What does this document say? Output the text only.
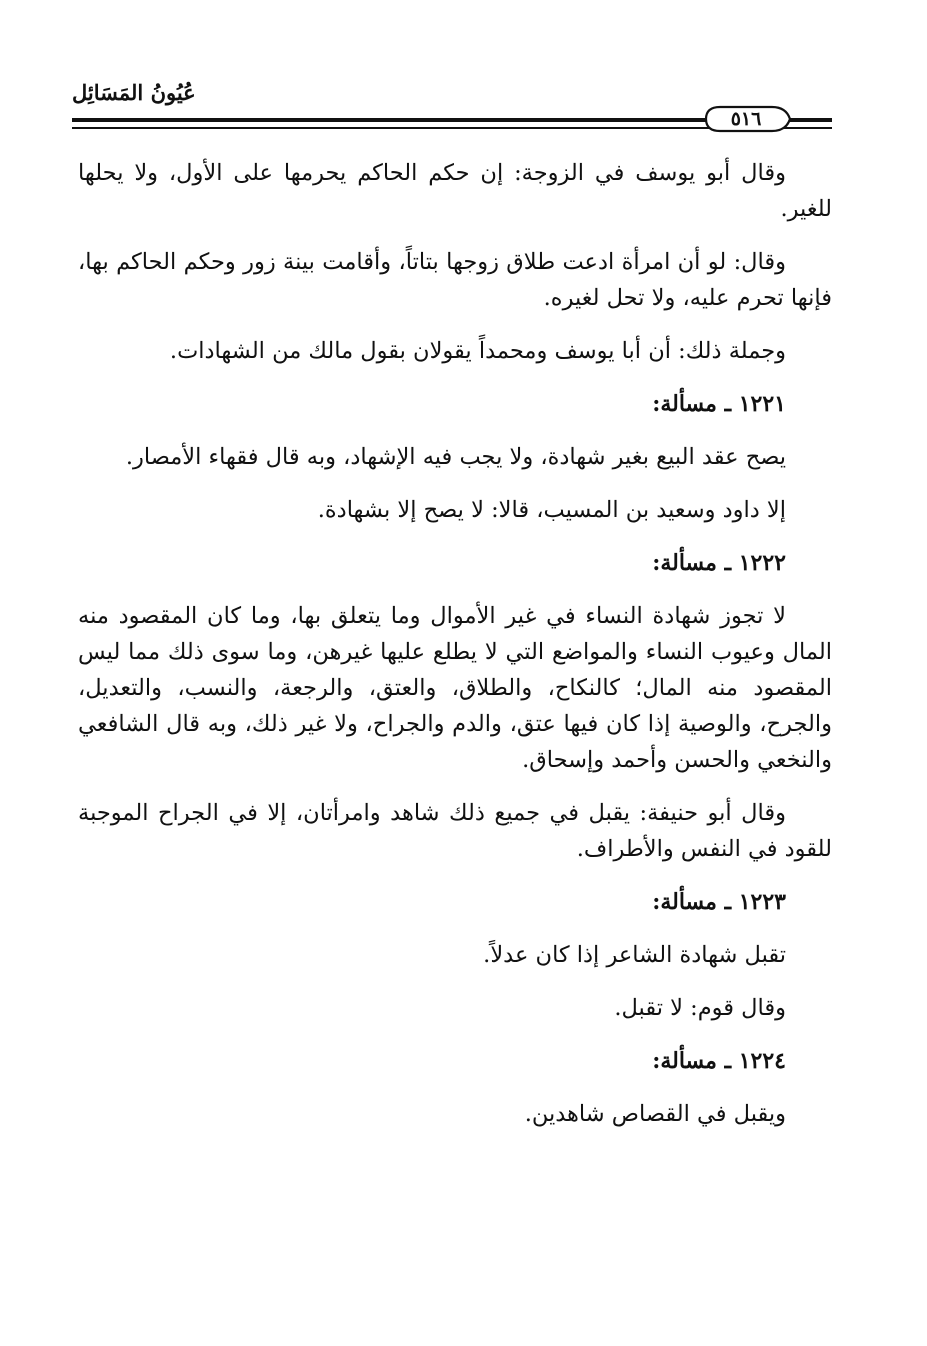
عُيُونُ المَسَائِل
٥١٦

وقال أبو يوسف في الزوجة: إن حكم الحاكم يحرمها على الأول، ولا يحلها للغير.

وقال: لو أن امرأة ادعت طلاق زوجها بتاتاً، وأقامت بينة زور وحكم الحاكم بها، فإنها تحرم عليه، ولا تحل لغيره.

وجملة ذلك: أن أبا يوسف ومحمداً يقولان بقول مالك من الشهادات.

١٢٢١ ـ مسألة:

يصح عقد البيع بغير شهادة، ولا يجب فيه الإشهاد، وبه قال فقهاء الأمصار.

إلا داود وسعيد بن المسيب، قالا: لا يصح إلا بشهادة.

١٢٢٢ ـ مسألة:

لا تجوز شهادة النساء في غير الأموال وما يتعلق بها، وما كان المقصود منه المال وعيوب النساء والمواضع التي لا يطلع عليها غيرهن، وما سوى ذلك مما ليس المقصود منه المال؛ كالنكاح، والطلاق، والعتق، والرجعة، والنسب، والتعديل، والجرح، والوصية إذا كان فيها عتق، والدم والجراح، ولا غير ذلك، وبه قال الشافعي والنخعي والحسن وأحمد وإسحاق.

وقال أبو حنيفة: يقبل في جميع ذلك شاهد وامرأتان، إلا في الجراح الموجبة للقود في النفس والأطراف.

١٢٢٣ ـ مسألة:

تقبل شهادة الشاعر إذا كان عدلاً.

وقال قوم: لا تقبل.

١٢٢٤ ـ مسألة:

ويقبل في القصاص شاهدين.
